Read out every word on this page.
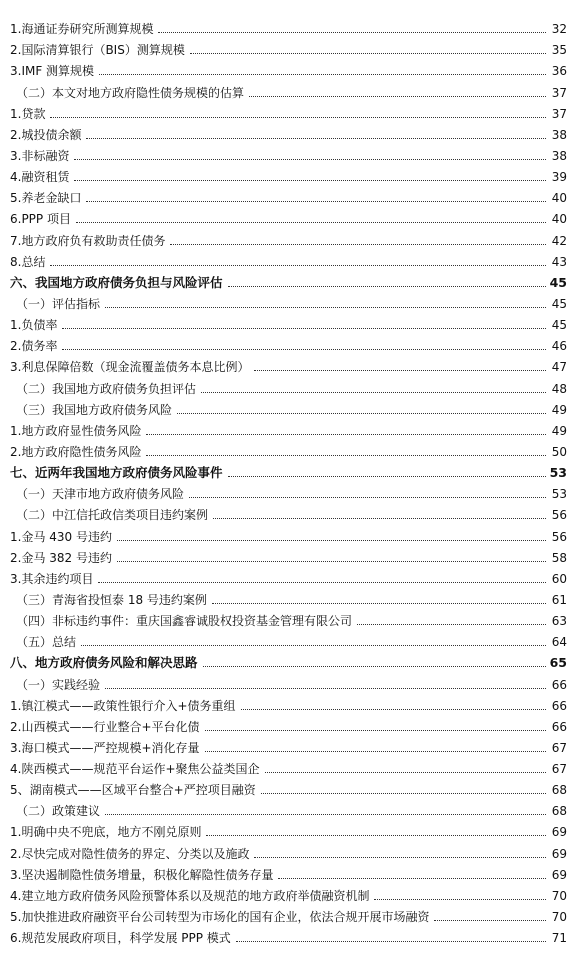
1.海通证券研究所测算规模	32
2.国际清算银行（BIS）测算规模	35
3.IMF 测算规模	36
（二）本文对地方政府隐性债务规模的估算	37
1.贷款	37
2.城投债余额	38
3.非标融资	38
4.融资租赁	39
5.养老金缺口	40
6.PPP 项目	40
7.地方政府负有救助责任债务	42
8.总结	43
六、我国地方政府债务负担与风险评估	45
（一）评估指标	45
1.负债率	45
2.债务率	46
3.利息保障倍数（现金流覆盖债务本息比例）	47
（二）我国地方政府债务负担评估	48
（三）我国地方政府债务风险	49
1.地方政府显性债务风险	49
2.地方政府隐性债务风险	50
七、近两年我国地方政府债务风险事件	53
（一）天津市地方政府债务风险	53
（二）中江信托政信类项目违约案例	56
1.金马 430 号违约	56
2.金马 382 号违约	58
3.其余违约项目	60
（三）青海省投恒泰 18 号违约案例	61
（四）非标违约事件：重庆国鑫睿诚股权投资基金管理有限公司	63
（五）总结	64
八、地方政府债务风险和解决思路	65
（一）实践经验	66
1.镇江模式——政策性银行介入+债务重组	66
2.山西模式——行业整合+平台化债	66
3.海口模式——严控规模+消化存量	67
4.陕西模式——规范平台运作+聚焦公益类国企	67
5、湖南模式——区域平台整合+严控项目融资	68
（二）政策建议	68
1.明确中央不兜底，地方不刚兑原则	69
2.尽快完成对隐性债务的界定、分类以及施政	69
3.坚决遏制隐性债务增量，积极化解隐性债务存量	69
4.建立地方政府债务风险预警体系以及规范的地方政府举债融资机制	70
5.加快推进政府融资平台公司转型为市场化的国有企业，依法合规开展市场融资	70
6.规范发展政府项目，科学发展 PPP 模式	71
